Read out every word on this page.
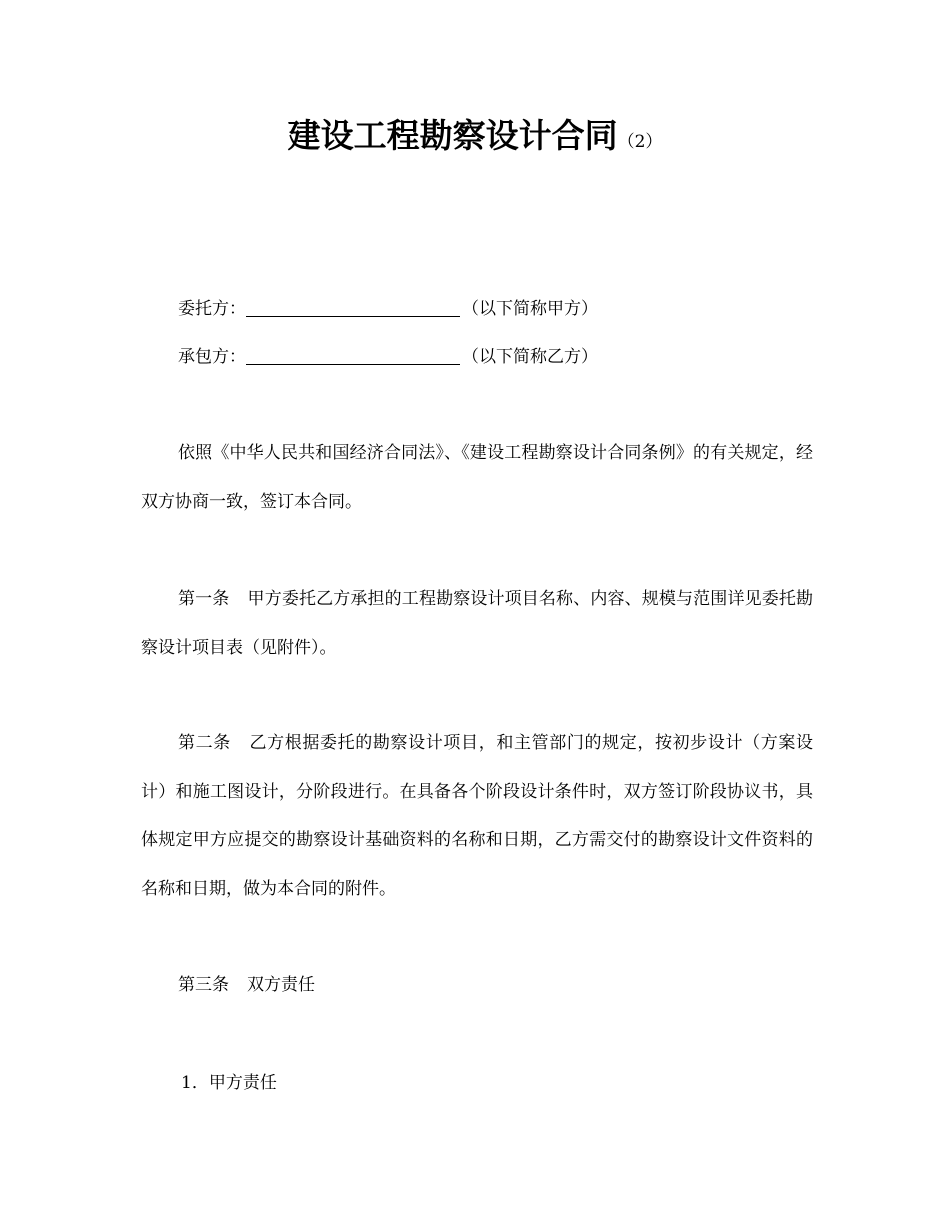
建设工程勘察设计合同（2）
委托方：	（以下简称甲方）
承包方：	（以下简称乙方）

依照《中华人民共和国经济合同法》、《建设工程勘察设计合同条例》的有关规定，经双方协商一致，签订本合同。

第一条 甲方委托乙方承担的工程勘察设计项目名称、内容、规模与范围详见委托勘察设计项目表（见附件）。

第二条 乙方根据委托的勘察设计项目，和主管部门的规定，按初步设计（方案设计）和施工图设计，分阶段进行。在具备各个阶段设计条件时，双方签订阶段协议书，具体规定甲方应提交的勘察设计基础资料的名称和日期，乙方需交付的勘察设计文件资料的名称和日期，做为本合同的附件。

第三条 双方责任

1．甲方责任
